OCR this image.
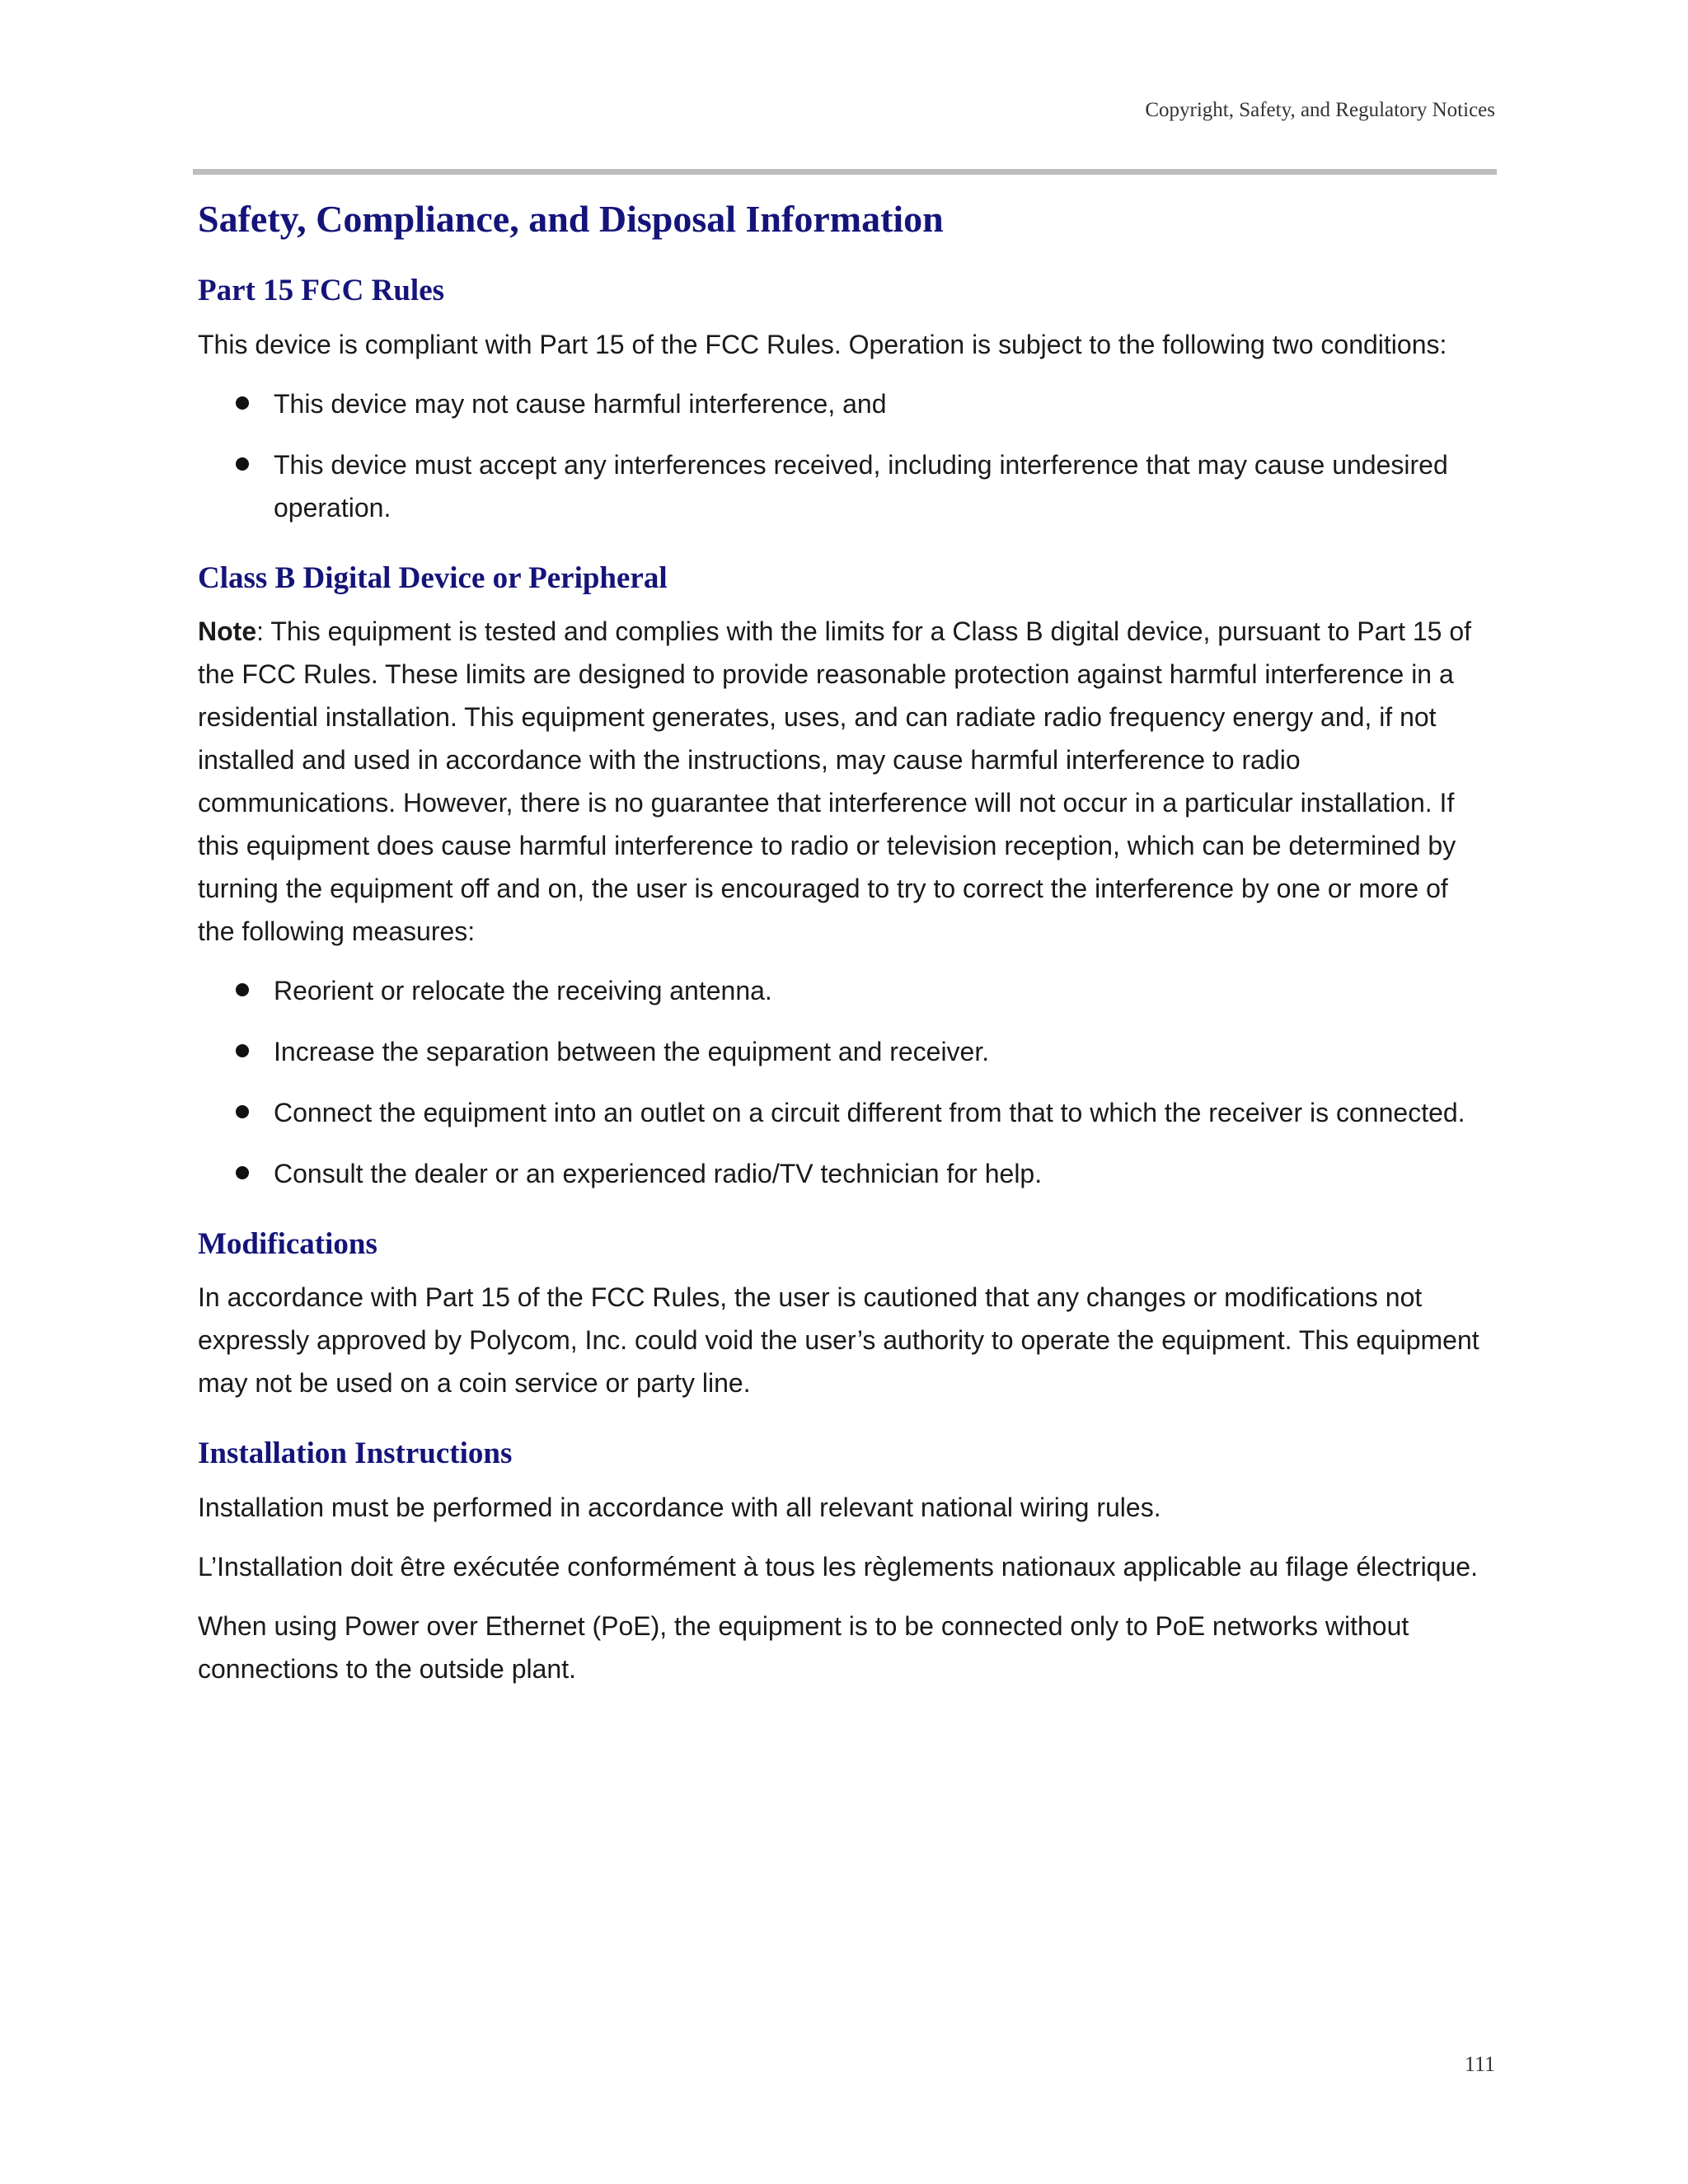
Copyright, Safety, and Regulatory Notices
Safety, Compliance, and Disposal Information
Part 15 FCC Rules

This device is compliant with Part 15 of the FCC Rules. Operation is subject to the following two conditions:

This device may not cause harmful interference, and
This device must accept any interferences received, including interference that may cause undesired operation.
Class B Digital Device or Peripheral

Note: This equipment is tested and complies with the limits for a Class B digital device, pursuant to Part 15 of the FCC Rules. These limits are designed to provide reasonable protection against harmful interference in a residential installation. This equipment generates, uses, and can radiate radio frequency energy and, if not installed and used in accordance with the instructions, may cause harmful interference to radio communications. However, there is no guarantee that interference will not occur in a particular installation. If this equipment does cause harmful interference to radio or television reception, which can be determined by turning the equipment off and on, the user is encouraged to try to correct the interference by one or more of the following measures:

Reorient or relocate the receiving antenna.
Increase the separation between the equipment and receiver.
Connect the equipment into an outlet on a circuit different from that to which the receiver is connected.
Consult the dealer or an experienced radio/TV technician for help.
Modifications

In accordance with Part 15 of the FCC Rules, the user is cautioned that any changes or modifications not expressly approved by Polycom, Inc. could void the user’s authority to operate the equipment. This equipment may not be used on a coin service or party line.

Installation Instructions

Installation must be performed in accordance with all relevant national wiring rules.

L’Installation doit être exécutée conformément à tous les règlements nationaux applicable au filage électrique.

When using Power over Ethernet (PoE), the equipment is to be connected only to PoE networks without connections to the outside plant.

111
